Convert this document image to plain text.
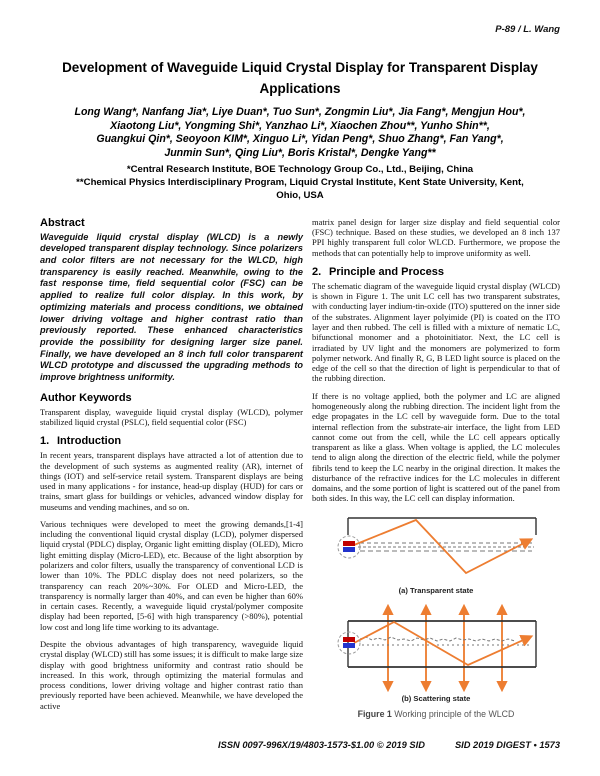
P-89 / L. Wang
Development of Waveguide Liquid Crystal Display for Transparent Display Applications
Long Wang*, Nanfang Jia*, Liye Duan*, Tuo Sun*, Zongmin Liu*, Jia Fang*, Mengjun Hou*,
Xiaotong Liu*, Yongming Shi*, Yanzhao Li*, Xiaochen Zhou**, Yunho Shin**,
Guangkui Qin*, Seoyoon KIM*, Xinguo Li*, Yidan Peng*, Shuo Zhang*, Fan Yang*,
Junmin Sun*, Qing Liu*, Boris Kristal*, Dengke Yang**
*Central Research Institute, BOE Technology Group Co., Ltd., Beijing, China
**Chemical Physics Interdisciplinary Program, Liquid Crystal Institute, Kent State University, Kent, Ohio, USA
Abstract

Waveguide liquid crystal display (WLCD) is a newly developed transparent display technology. Since polarizers and color filters are not necessary for the WLCD, high transparency is easily reached. Meanwhile, owing to the fast response time, field sequential color (FSC) can be applied to realize full color display. In this work, by optimizing materials and process conditions, we obtained lower driving voltage and higher contrast ratio than previously reported. These enhanced characteristics provide the possibility for designing larger size panel. Finally, we have developed an 8 inch full color transparent WLCD prototype and discussed the upgrading methods to improve brightness uniformity.

Author Keywords

Transparent display, waveguide liquid crystal display (WLCD), polymer stabilized liquid crystal (PSLC), field sequential color (FSC)

1. Introduction

In recent years, transparent displays have attracted a lot of attention due to the development of such systems as augmented reality (AR), internet of things (IOT) and self-service retail system. Transparent displays are being used in many applications - for instance, head-up display (HUD) for cars or trains, smart glass for buildings or vehicles, advanced window display for museums and vending machines, and so on.

Various techniques were developed to meet the growing demands,[1-4] including the conventional liquid crystal display (LCD), polymer dispersed liquid crystal (PDLC) display, Organic light emitting display (OLED), Micro light emitting display (Micro-LED), etc. Because of the light absorption by polarizers and color filters, usually the transparency of conventional LCD is lower than 10%. The PDLC display does not need polarizers, so the transparency can reach 20%~30%. For OLED and Micro-LED, the transparency is normally larger than 40%, and can even be higher than 60% in certain cases. Recently, a waveguide liquid crystal/polymer composite display had been reported, [5-6] with high transparency (>80%), potential low cost and long life time working to its advantage.

Despite the obvious advantages of high transparency, waveguide liquid crystal display (WLCD) still has some issues; it is difficult to make large size display with good brightness uniformity and contrast ratio should be increased. In this work, through optimizing the material formulas and process conditions, lower driving voltage and higher contrast ratio than previously reported have been achieved. Meanwhile, we have developed the active

matrix panel design for larger size display and field sequential color (FSC) technique. Based on these studies, we developed an 8 inch 137 PPI highly transparent full color WLCD. Furthermore, we propose the methods that can potentially help to improve uniformity as well.

2. Principle and Process

The schematic diagram of the waveguide liquid crystal display (WLCD) is shown in Figure 1. The unit LC cell has two transparent substrates, with conducting layer indium-tin-oxide (ITO) sputtered on the inner side of the substrates. Alignment layer polyimide (PI) is coated on the ITO layer and then rubbed. The cell is filled with a mixture of nematic LC, bifunctional monomer and a photoinitiator. Next, the LC cell is irradiated by UV light and the monomers are polymerized to form polymer network. And finally R, G, B LED light source is placed on the edge of the cell so that the direction of light is perpendicular to that of the rubbing direction.

If there is no voltage applied, both the polymer and LC are aligned homogeneously along the rubbing direction. The incident light from the edge propagates in the LC cell by waveguide form. Due to the total internal reflection from the substrate-air interface, the light from LED cannot come out from the cell, while the LC cell appears optically transparent as like a glass. When voltage is applied, the LC molecules tend to align along the direction of the electric field, while the polymer fibrils tend to keep the LC nearby in the original direction. It makes the disturbance of the refractive indices for the LC molecules in different domains, and the some portion of light is scattered out of the panel from both sides. In this way, the LC cell can display information.

(a) Transparent state
(b) Scattering state
Figure 1 Working principle of the WLCD
ISSN 0097-996X/19/4803-1573-$1.00 © 2019 SID	SID 2019 DIGEST • 1573
